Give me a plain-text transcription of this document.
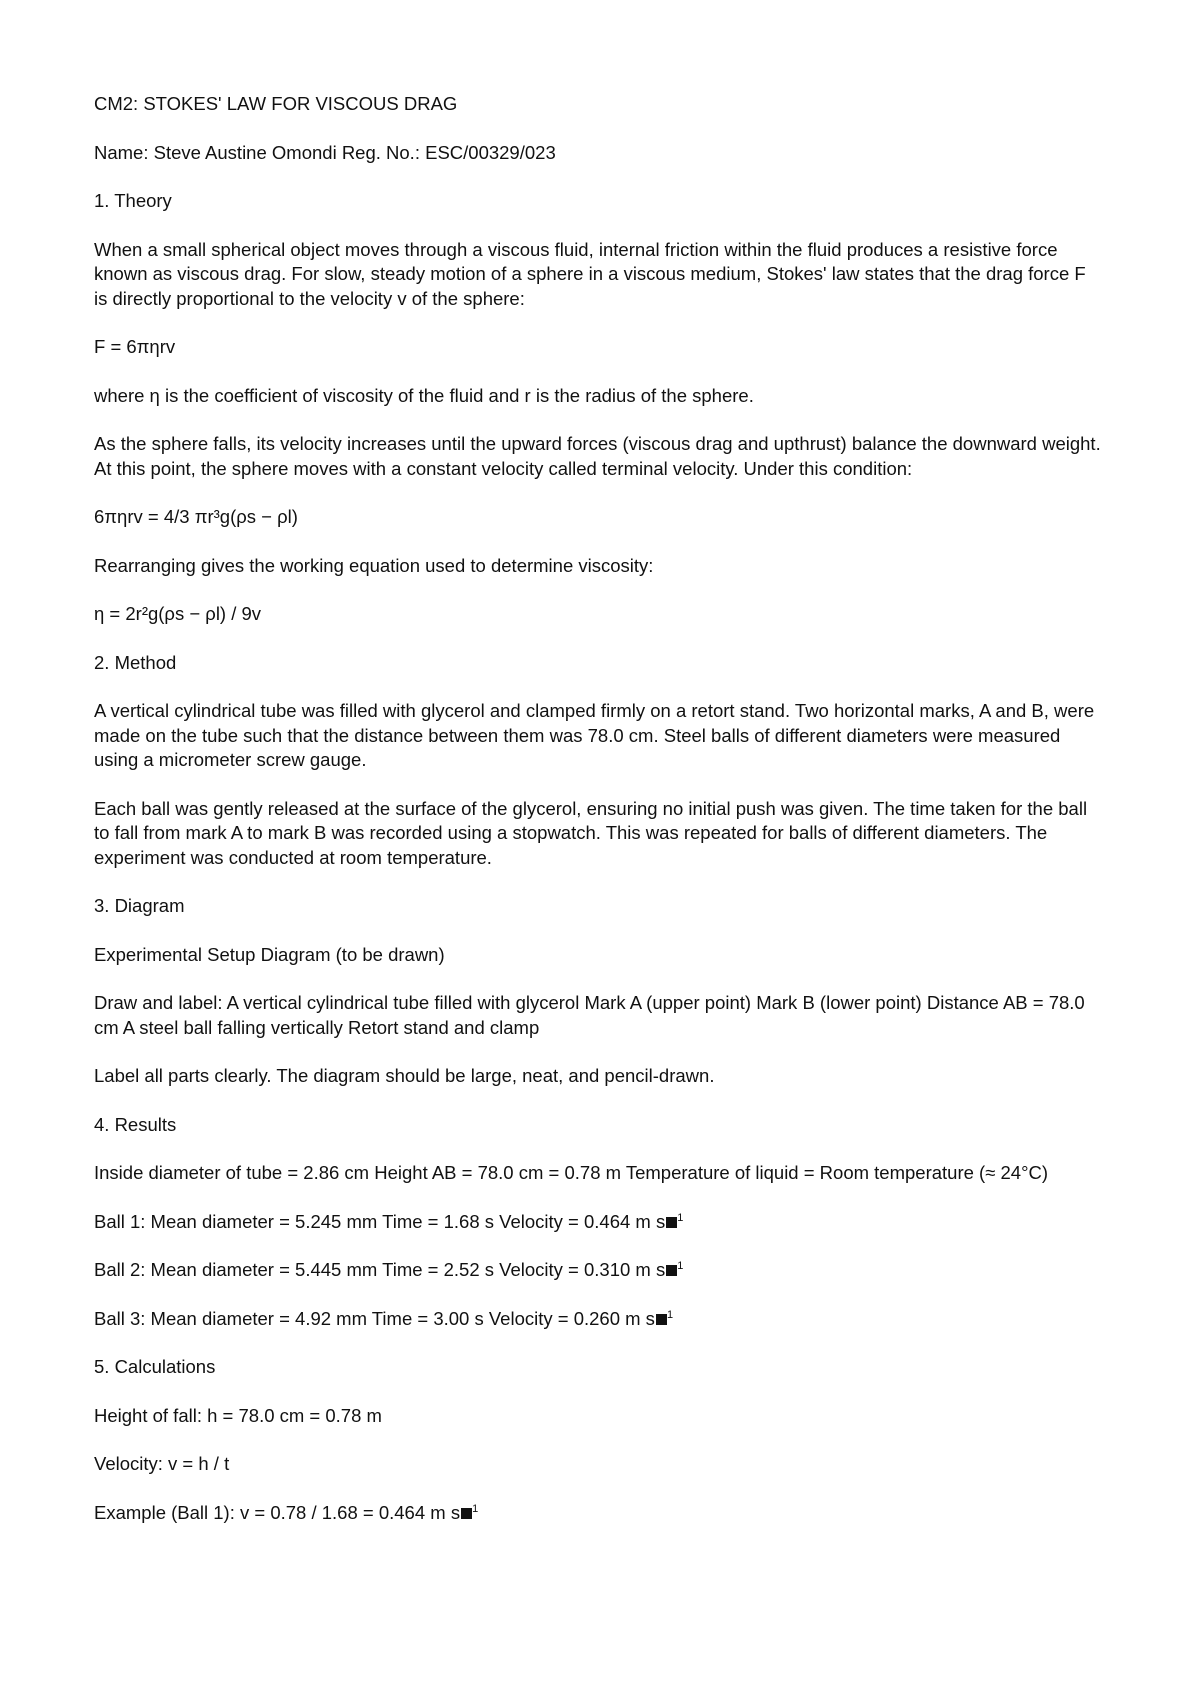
CM2: STOKES' LAW FOR VISCOUS DRAG

Name: Steve Austine Omondi Reg. No.: ESC/00329/023

1. Theory

When a small spherical object moves through a viscous fluid, internal friction within the fluid produces a resistive force known as viscous drag. For slow, steady motion of a sphere in a viscous medium, Stokes' law states that the drag force F is directly proportional to the velocity v of the sphere:

F = 6πηrv

where η is the coefficient of viscosity of the fluid and r is the radius of the sphere.

As the sphere falls, its velocity increases until the upward forces (viscous drag and upthrust) balance the downward weight. At this point, the sphere moves with a constant velocity called terminal velocity. Under this condition:

6πηrv = 4/3 πr³g(ρs − ρl)

Rearranging gives the working equation used to determine viscosity:

η = 2r²g(ρs − ρl) / 9v

2. Method

A vertical cylindrical tube was filled with glycerol and clamped firmly on a retort stand. Two horizontal marks, A and B, were made on the tube such that the distance between them was 78.0 cm. Steel balls of different diameters were measured using a micrometer screw gauge.

Each ball was gently released at the surface of the glycerol, ensuring no initial push was given. The time taken for the ball to fall from mark A to mark B was recorded using a stopwatch. This was repeated for balls of different diameters. The experiment was conducted at room temperature.

3. Diagram

Experimental Setup Diagram (to be drawn)

Draw and label: A vertical cylindrical tube filled with glycerol Mark A (upper point) Mark B (lower point) Distance AB = 78.0 cm A steel ball falling vertically Retort stand and clamp

Label all parts clearly. The diagram should be large, neat, and pencil-drawn.

4. Results

Inside diameter of tube = 2.86 cm Height AB = 78.0 cm = 0.78 m Temperature of liquid = Room temperature (≈ 24°C)

Ball 1: Mean diameter = 5.245 mm Time = 1.68 s Velocity = 0.464 m s $^1$

Ball 2: Mean diameter = 5.445 mm Time = 2.52 s Velocity = 0.310 m s $^1$

Ball 3: Mean diameter = 4.92 mm Time = 3.00 s Velocity = 0.260 m s $^1$

5. Calculations

Height of fall: h = 78.0 cm = 0.78 m

Velocity: v = h / t

Example (Ball 1): v = 0.78 / 1.68 = 0.464 m s $^1$
